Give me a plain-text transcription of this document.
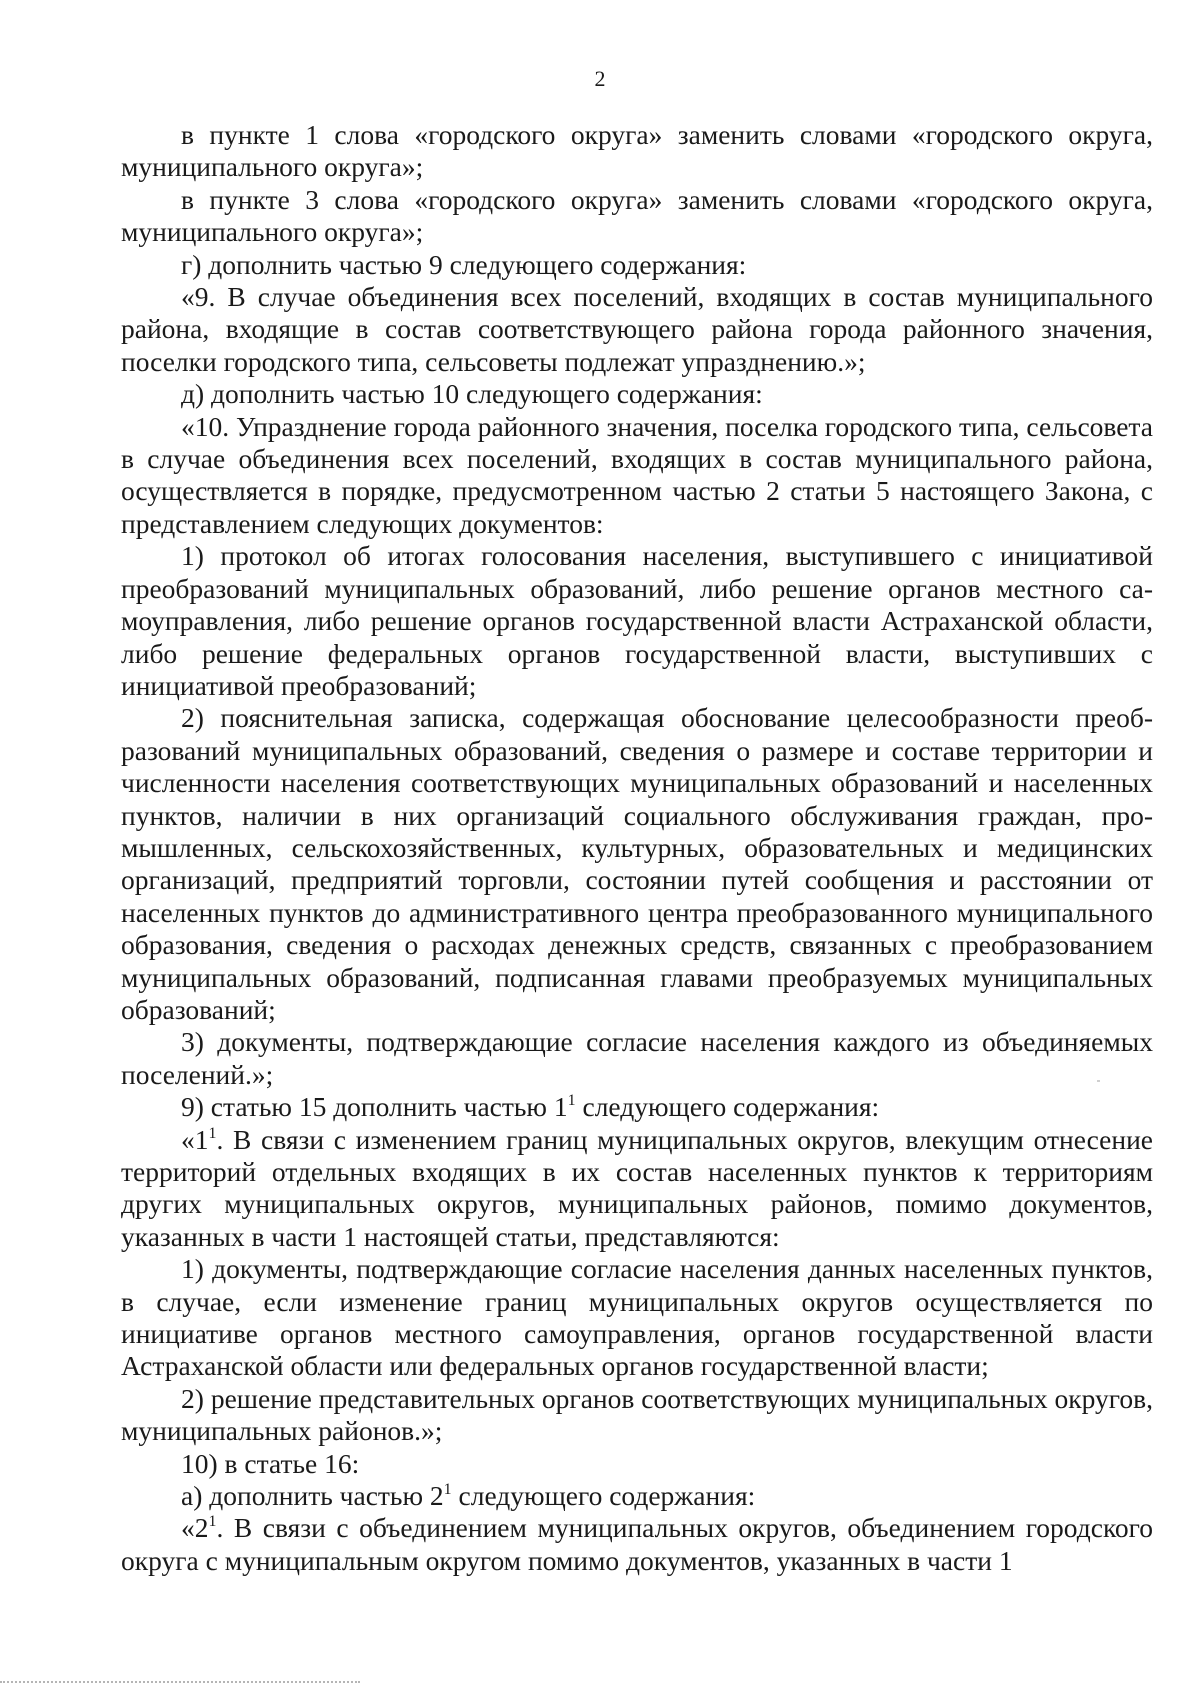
2

в пункте 1 слова «городского округа» заменить словами «городского округа, муниципального округа»;

в пункте 3 слова «городского округа» заменить словами «городского округа, муниципального округа»;

г) дополнить частью 9 следующего содержания:

«9. В случае объединения всех поселений, входящих в состав муниципального района, входящие в состав соответствующего района города районного значения, поселки городского типа, сельсоветы подлежат упразднению.»;

д) дополнить частью 10 следующего содержания:

«10. Упразднение города районного значения, поселка городского типа, сельсовета в случае объединения всех поселений, входящих в состав муниципального района, осуществляется в порядке, предусмотренном частью 2 статьи 5 настоящего Закона, с представлением следующих документов:

1) протокол об итогах голосования населения, выступившего с инициативой преобразований муниципальных образований, либо решение органов местного самоуправления, либо решение органов государственной власти Астраханской области, либо решение федеральных органов государственной власти, выступивших с инициативой преобразований;

2) пояснительная записка, содержащая обоснование целесообразности преобразований муниципальных образований, сведения о размере и составе территории и численности населения соответствующих муниципальных образований и населенных пунктов, наличии в них организаций социального обслуживания граждан, промышленных, сельскохозяйственных, культурных, образовательных и медицинских организаций, предприятий торговли, состоянии путей сообщения и расстоянии от населенных пунктов до административного центра преобразованного муниципального образования, сведения о расходах денежных средств, связанных с преобразованием муниципальных образований, подписанная главами преобразуемых муниципальных образований;

3) документы, подтверждающие согласие населения каждого из объединяемых поселений.»;

9) статью 15 дополнить частью $1^1$ следующего содержания:

«$1^1$. В связи с изменением границ муниципальных округов, влекущим отнесение территорий отдельных входящих в их состав населенных пунктов к территориям других муниципальных округов, муниципальных районов, помимо документов, указанных в части 1 настоящей статьи, представляются:

1) документы, подтверждающие согласие населения данных населенных пунктов, в случае, если изменение границ муниципальных округов осуществляется по инициативе органов местного самоуправления, органов государственной власти Астраханской области или федеральных органов государственной власти;

2) решение представительных органов соответствующих муниципальных округов, муниципальных районов.»;

10) в статье 16:

а) дополнить частью $2^1$ следующего содержания:

«$2^1$. В связи с объединением муниципальных округов, объединением городского округа с муниципальным округом помимо документов, указанных в части 1
